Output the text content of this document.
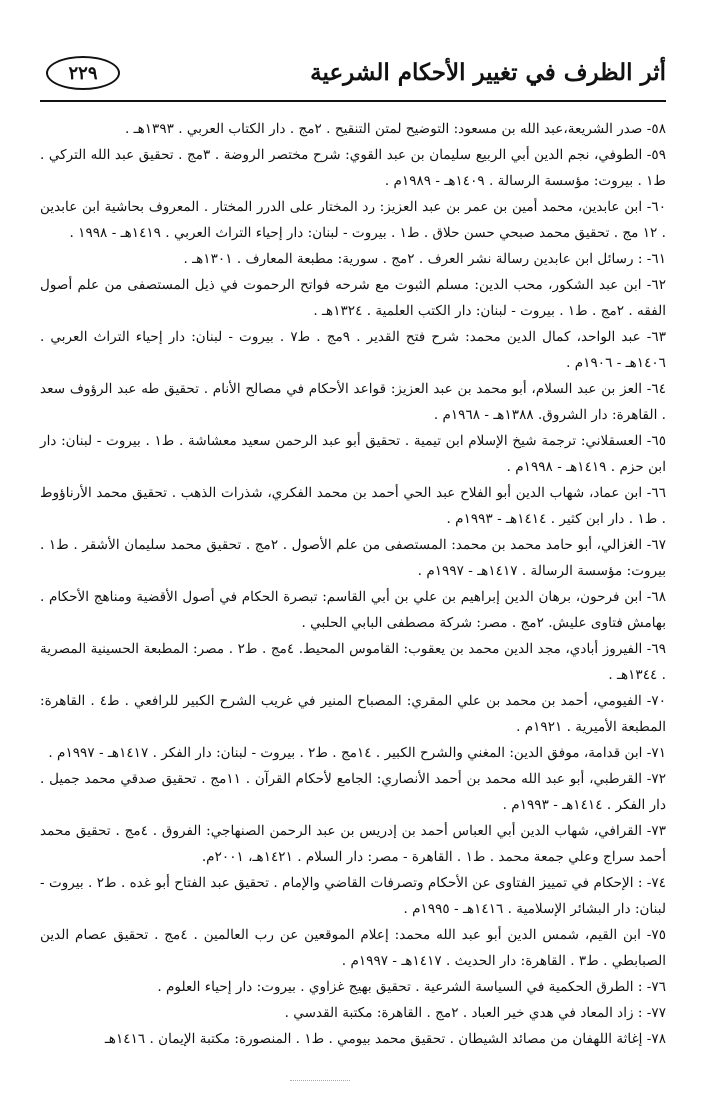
أثر الظرف في تغيير الأحكام الشرعية
٢٢٩

٥٨- صدر الشريعة،عبد الله بن مسعود: التوضيح لمتن التنقيح . ٢مج . دار الكتاب العربي . ١٣٩٣هـ .

٥٩- الطوفي، نجم الدين أبي الربيع سليمان بن عبد القوي: شرح مختصر الروضة . ٣مج . تحقيق عبد الله التركي . ط١ . بيروت: مؤسسة الرسالة . ١٤٠٩هـ - ١٩٨٩م .

٦٠- ابن عابدين، محمد أمين بن عمر بن عبد العزيز: رد المختار على الدرر المختار . المعروف بحاشية ابن عابدين . ١٢ مج . تحقيق محمد صبحي حسن حلاق . ط١ . بيروت - لبنان: دار إحياء التراث العربي . ١٤١٩هـ - ١٩٩٨ .

٦١- : رسائل ابن عابدين رسالة نشر العرف . ٢مج . سورية: مطبعة المعارف . ١٣٠١هـ .

٦٢- ابن عبد الشكور، محب الدين: مسلم الثبوت مع شرحه فواتح الرحموت في ذيل المستصفى من علم أصول الفقه . ٢مج . ط١ . بيروت - لبنان: دار الكتب العلمية . ١٣٢٤هـ .

٦٣- عبد الواحد، كمال الدين محمد: شرح فتح القدير . ٩مج . ط٧ . بيروت - لبنان: دار إحياء التراث العربي . ١٤٠٦هـ - ١٩٠٦م .

٦٤- العز بن عبد السلام، أبو محمد بن عبد العزيز: قواعد الأحكام في مصالح الأنام . تحقيق طه عبد الرؤوف سعد . القاهرة: دار الشروق. ١٣٨٨هـ - ١٩٦٨م .

٦٥- العسقلاني: ترجمة شيخ الإسلام ابن تيمية . تحقيق أبو عبد الرحمن سعيد معشاشة . ط١ . بيروت - لبنان: دار ابن حزم . ١٤١٩هـ - ١٩٩٨م .

٦٦- ابن عماد، شهاب الدين أبو الفلاح عبد الحي أحمد بن محمد الفكري، شذرات الذهب . تحقيق محمد الأرناؤوط . ط١ . دار ابن كثير . ١٤١٤هـ - ١٩٩٣م .

٦٧- الغزالي، أبو حامد محمد بن محمد: المستصفى من علم الأصول . ٢مج . تحقيق محمد سليمان الأشقر . ط١ . بيروت: مؤسسة الرسالة . ١٤١٧هـ - ١٩٩٧م .

٦٨- ابن فرحون، برهان الدين إبراهيم بن علي بن أبي القاسم: تبصرة الحكام في أصول الأقضية ومناهج الأحكام . بهامش فتاوى عليش. ٢مج . مصر: شركة مصطفى البابي الحلبي .

٦٩- الفيروز أبادي، مجد الدين محمد بن يعقوب: القاموس المحيط. ٤مج . ط٢ . مصر: المطبعة الحسينية المصرية . ١٣٤٤هـ .

٧٠- الفيومي، أحمد بن محمد بن علي المقري: المصباح المنير في غريب الشرح الكبير للرافعي . ط٤ . القاهرة: المطبعة الأميرية . ١٩٢١م .

٧١- ابن قدامة، موفق الدين: المغني والشرح الكبير . ١٤مج . ط٢ . بيروت - لبنان: دار الفكر . ١٤١٧هـ - ١٩٩٧م .

٧٢- القرطبي، أبو عبد الله محمد بن أحمد الأنصاري: الجامع لأحكام القرآن . ١١مج . تحقيق صدقي محمد جميل . دار الفكر . ١٤١٤هـ - ١٩٩٣م .

٧٣- القرافي، شهاب الدين أبي العباس أحمد بن إدريس بن عبد الرحمن الصنهاجي: الفروق . ٤مج . تحقيق محمد أحمد سراج وعلي جمعة محمد . ط١ . القاهرة - مصر: دار السلام . ١٤٢١هـ، ٢٠٠١م.

٧٤- : الإحكام في تمييز الفتاوى عن الأحكام وتصرفات القاضي والإمام . تحقيق عبد الفتاح أبو غده . ط٢ . بيروت - لبنان: دار البشائر الإسلامية . ١٤١٦هـ - ١٩٩٥م .

٧٥- ابن القيم، شمس الدين أبو عبد الله محمد: إعلام الموقعين عن رب العالمين . ٤مج . تحقيق عصام الدين الصبابطي . ط٣ . القاهرة: دار الحديث . ١٤١٧هـ - ١٩٩٧م .

٧٦- : الطرق الحكمية في السياسة الشرعية . تحقيق بهيج غزاوي . بيروت: دار إحياء العلوم .

٧٧- : زاد المعاد في هدي خير العباد . ٢مج . القاهرة: مكتبة القدسي .

٧٨- إغاثة اللهفان من مصائد الشيطان . تحقيق محمد بيومي . ط١ . المنصورة: مكتبة الإيمان . ١٤١٦هـ
